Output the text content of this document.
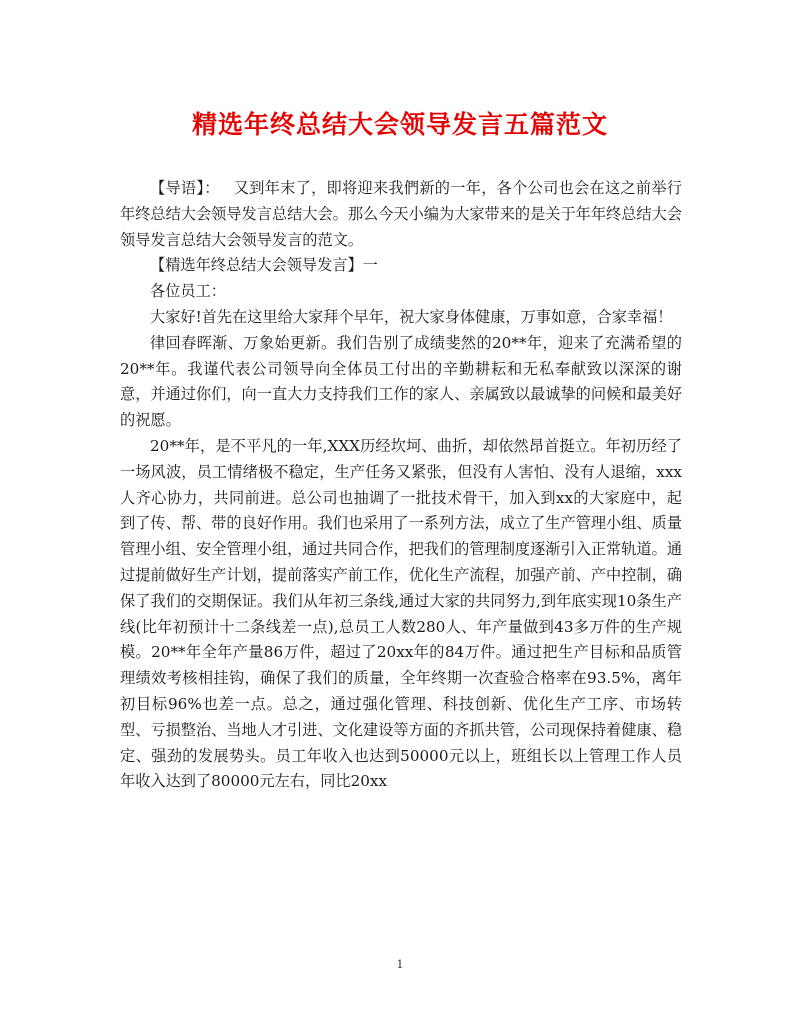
精选年终总结大会领导发言五篇范文

【导语】： 又到年末了，即将迎来我們新的一年，各个公司也会在这之前举行年终总结大会领导发言总结大会。那么今天小编为大家带来的是关于年年终总结大会领导发言总结大会领导发言的范文。

【精选年终总结大会领导发言】一

各位员工：

大家好!首先在这里给大家拜个早年，祝大家身体健康，万事如意，合家幸福！

律回春晖渐、万象始更新。我们告别了成绩斐然的20**年，迎来了充满希望的20**年。我谨代表公司领导向全体员工付出的辛勤耕耘和无私奉献致以深深的谢意，并通过你们，向一直大力支持我们工作的家人、亲属致以最诚挚的问候和最美好的祝愿。

20**年，是不平凡的一年,XXX历经坎坷、曲折，却依然昂首挺立。年初历经了一场风波，员工情绪极不稳定，生产任务又紧张，但没有人害怕、没有人退缩，xxx人齐心协力，共同前进。总公司也抽调了一批技术骨干，加入到xx的大家庭中，起到了传、帮、带的良好作用。我们也采用了一系列方法，成立了生产管理小组、质量管理小组、安全管理小组，通过共同合作，把我们的管理制度逐渐引入正常轨道。通过提前做好生产计划，提前落实产前工作，优化生产流程，加强产前、产中控制，确保了我们的交期保证。我们从年初三条线,通过大家的共同努力,到年底实现10条生产线(比年初预计十二条线差一点),总员工人数280人、年产量做到43多万件的生产规模。20**年全年产量86万件，超过了20xx年的84万件。通过把生产目标和品质管理绩效考核相挂钩，确保了我们的质量，全年终期一次查验合格率在93.5%，离年初目标96%也差一点。总之，通过强化管理、科技创新、优化生产工序、市场转型、亏损整治、当地人才引进、文化建设等方面的齐抓共管，公司现保持着健康、稳定、强劲的发展势头。员工年收入也达到50000元以上，班组长以上管理工作人员年收入达到了80000元左右，同比20xx

1
